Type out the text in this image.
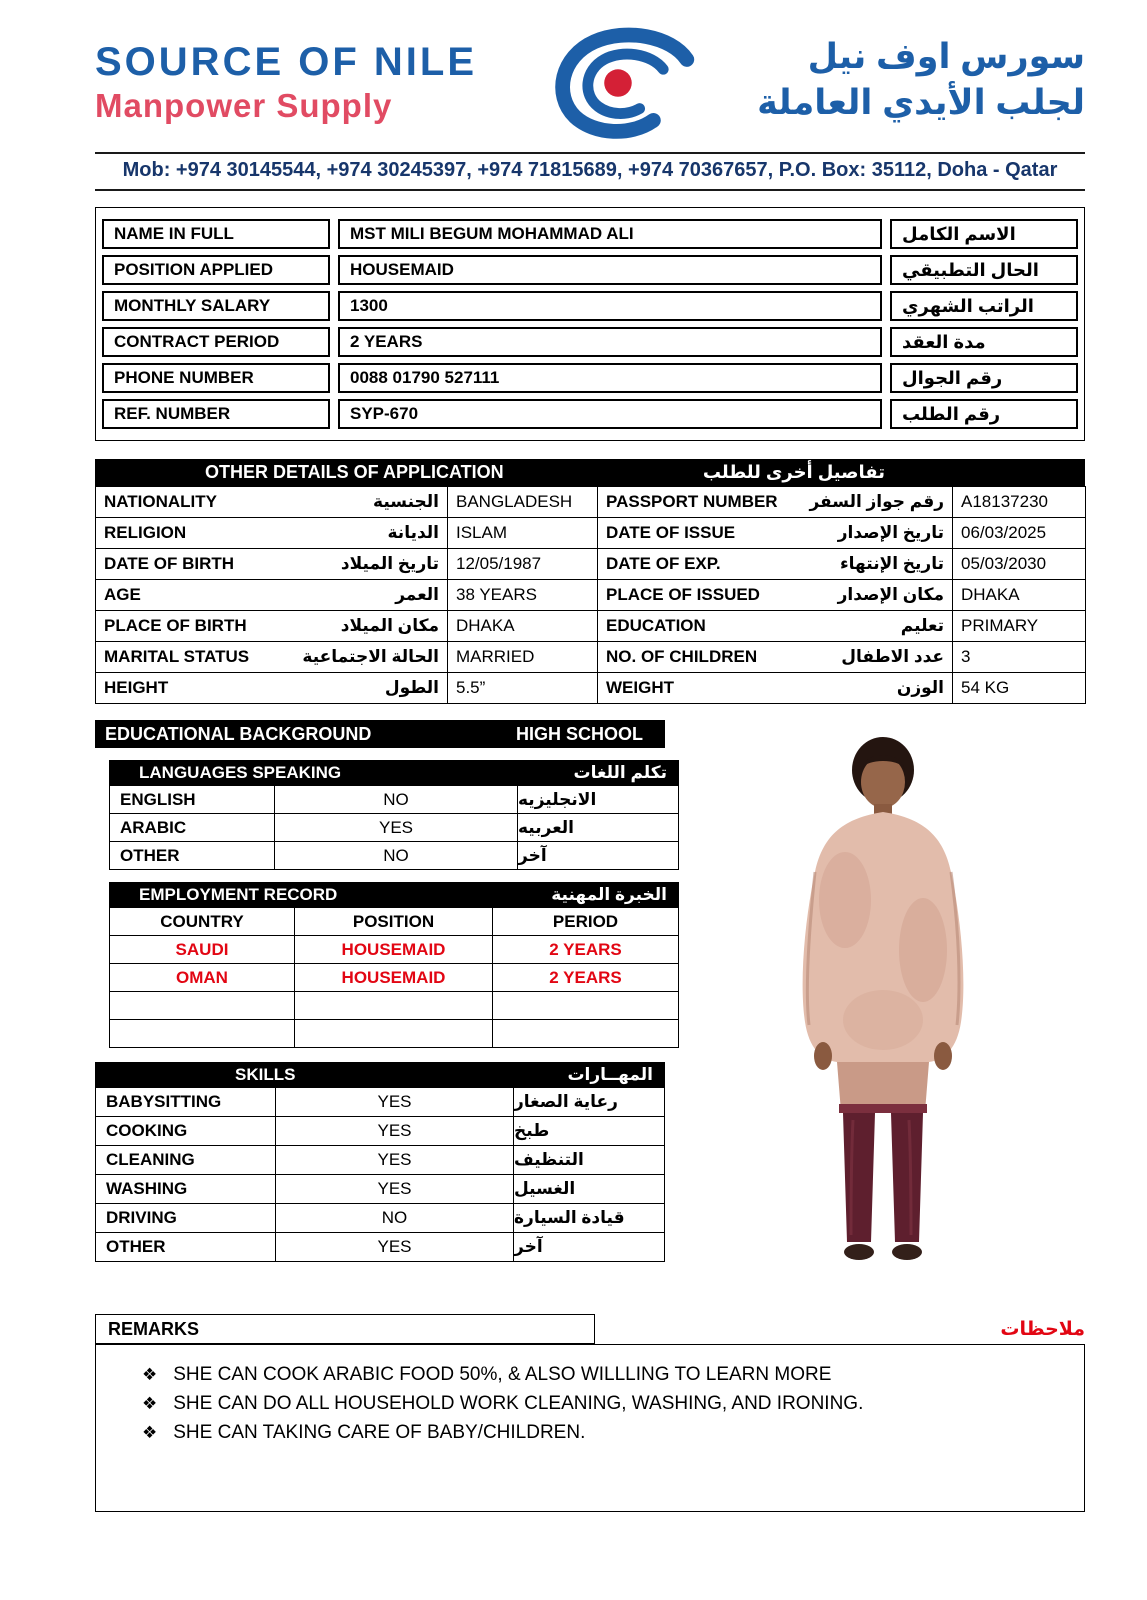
SOURCE OF NILE
Manpower Supply
سورس اوف نيل
لجلب الأيدي العاملة
Mob: +974 30145544, +974 30245397, +974 71815689, +974 70367657, P.O. Box: 35112, Doha - Qatar
NAME IN FULL	MST MILI BEGUM MOHAMMAD ALI	الاسم الكامل
POSITION APPLIED	HOUSEMAID	الحال التطبيقي
MONTHLY SALARY	1300	الراتب الشهري
CONTRACT PERIOD	2 YEARS	مدة العقد
PHONE NUMBER	0088 01790 527111	رقم الجوال
REF. NUMBER	SYP-670	رقم الطلب
OTHER DETAILS OF APPLICATION	تفاصيل أخرى للطلب
NATIONALITY الجنسية	BANGLADESH	PASSPORT NUMBER رقم جواز السفر	A18137230

RELIGION الديانة	ISLAM	DATE OF ISSUE تاريخ الإصدار	06/03/2025

DATE OF BIRTH تاريخ الميلاد	12/05/1987	DATE OF EXP. تاريخ الإنتهاء	05/03/2030

AGE العمر	38 YEARS	PLACE OF ISSUED مكان الإصدار	DHAKA

PLACE OF BIRTH مكان الميلاد	DHAKA	EDUCATION تعليم	PRIMARY

MARITAL STATUS الحالة الاجتماعية	MARRIED	NO. OF CHILDREN عدد الاطفال	3

HEIGHT الطول	5.5”	WEIGHT الوزن	54 KG
EDUCATIONAL BACKGROUND	HIGH SCHOOL
LANGUAGES SPEAKING	تكلم اللغات
ENGLISH	NO	الانجليزيه
ARABIC	YES	العربيه
OTHER	NO	آخر
EMPLOYMENT RECORD	الخبرة المهنية
COUNTRY	POSITION	PERIOD
SAUDI	HOUSEMAID	2 YEARS
OMAN	HOUSEMAID	2 YEARS
SKILLS	المهــارات
BABYSITTING	YES	رعاية الصغار
COOKING	YES	طبخ
CLEANING	YES	التنظيف
WASHING	YES	الغسيل
DRIVING	NO	قيادة السيارة
OTHER	YES	آخر
REMARKS	ملاحظات
❖ SHE CAN COOK ARABIC FOOD 50%, & ALSO WILLLING TO LEARN MORE
❖ SHE CAN DO ALL HOUSEHOLD WORK CLEANING, WASHING, AND IRONING.
❖ SHE CAN TAKING CARE OF BABY/CHILDREN.
